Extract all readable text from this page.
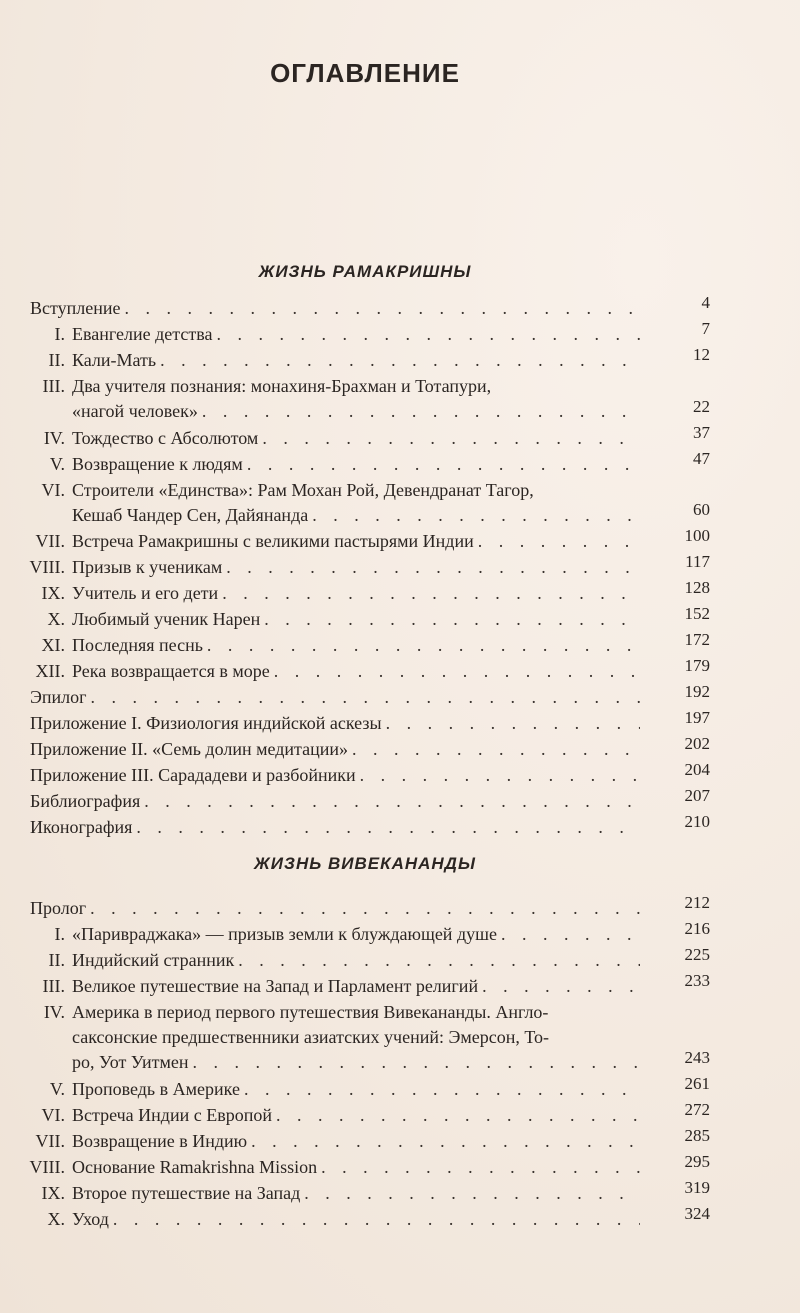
ОГЛАВЛЕНИЕ
ЖИЗНЬ РАМАКРИШНЫ
Вступление . . .	4
I. Евангелие детства . . .	7
II. Кали-Мать . . .	12
III. Два учителя познания: монахиня-Брахман и Тотапури,
«нагой человек» . . .	22
IV. Тождество с Абсолютом . . .	37
V. Возвращение к людям . . .	47
VI. Строители «Единства»: Рам Мохан Рой, Девендранат Тагор,
Кешаб Чандер Сен, Дайянанда . . .	60
VII. Встреча Рамакришны с великими пастырями Индии . . .	100
VIII. Призыв к ученикам . . .	117
IX. Учитель и его дети . . .	128
X. Любимый ученик Нарен . . .	152
XI. Последняя песнь . . .	172
XII. Река возвращается в море . . .	179
Эпилог . . .	192
Приложение I. Физиология индийской аскезы . . .	197
Приложение II. «Семь долин медитации» . . .	202
Приложение III. Сарададеви и разбойники . . .	204
Библиография . . .	207
Иконография . . .	210
ЖИЗНЬ ВИВЕКАНАНДЫ
Пролог . . .	212
I. «Паривраджака» — призыв земли к блуждающей душе . . .	216
II. Индийский странник . . .	225
III. Великое путешествие на Запад и Парламент религий . . .	233
IV. Америка в период первого путешествия Вивекананды. Англо-
саксонские предшественники азиатских учений: Эмерсон, То-
ро, Уот Уитмен . . .	243
V. Проповедь в Америке . . .	261
VI. Встреча Индии с Европой . . .	272
VII. Возвращение в Индию . . .	285
VIII. Основание Ramakrishna Mission . . .	295
IX. Второе путешествие на Запад . . .	319
X. Уход . . .	324
